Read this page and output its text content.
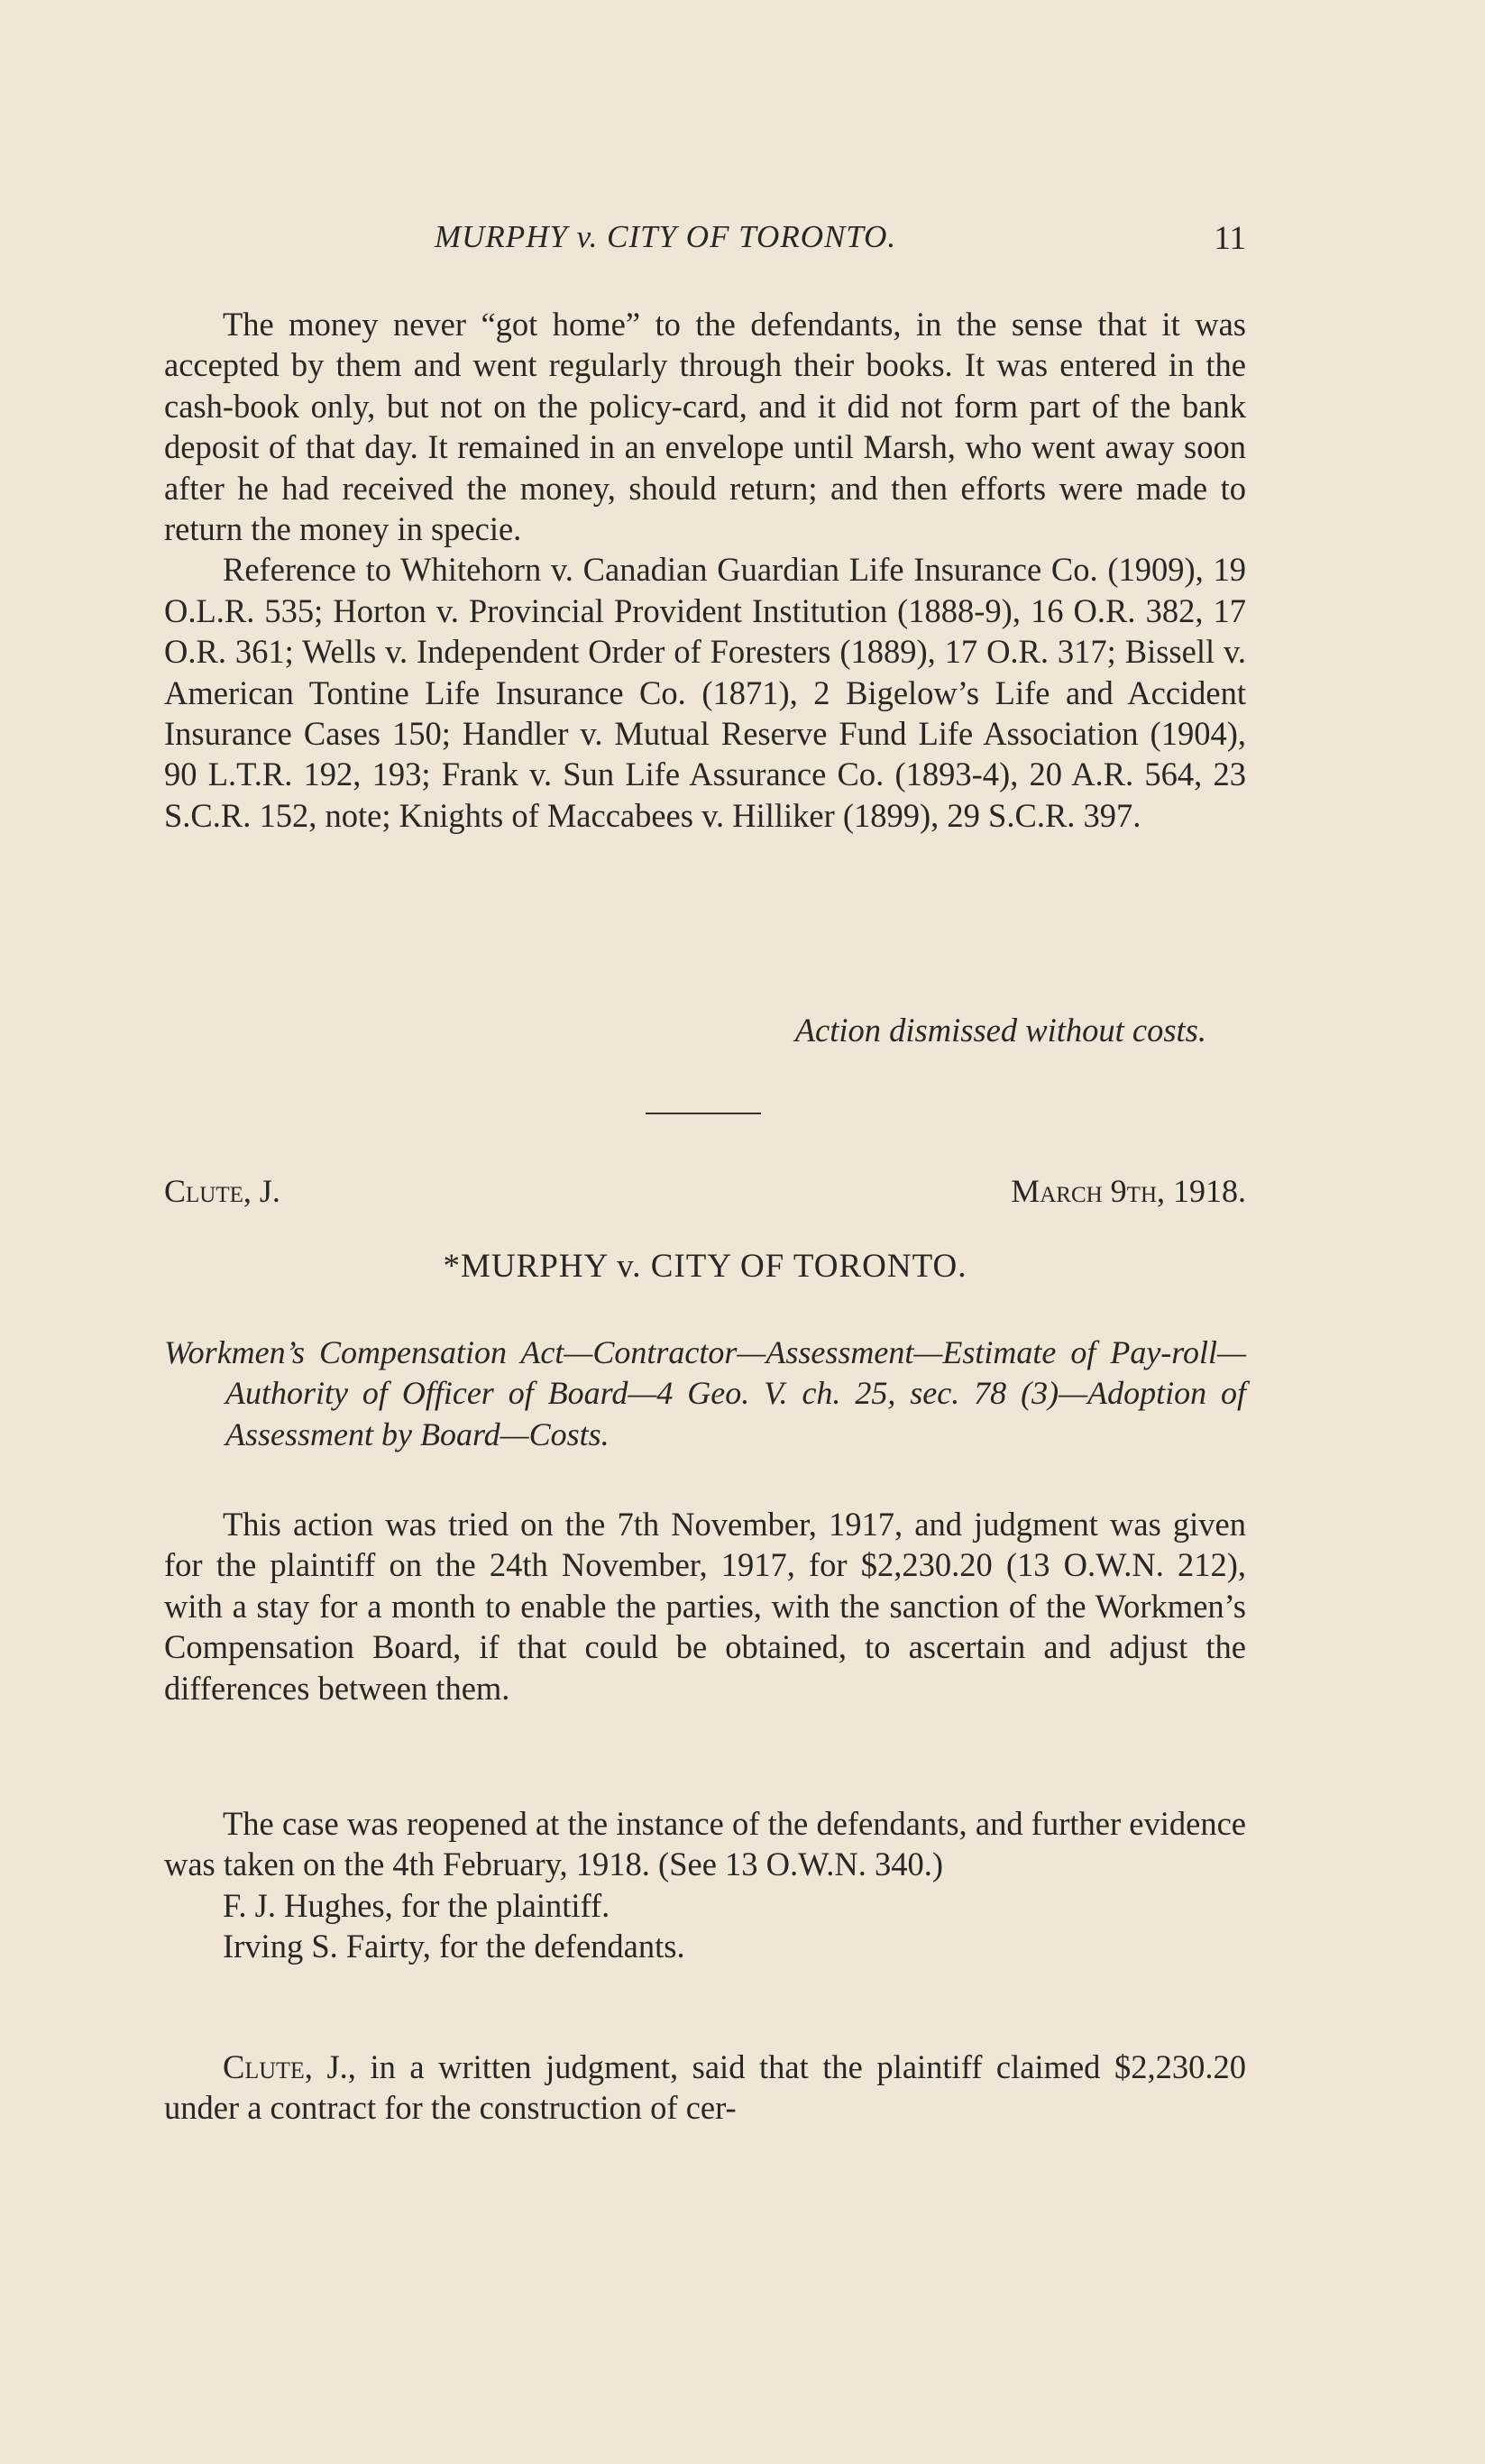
MURPHY v. CITY OF TORONTO.	11

The money never “got home” to the defendants, in the sense that it was accepted by them and went regularly through their books. It was entered in the cash-book only, but not on the policy-card, and it did not form part of the bank deposit of that day. It remained in an envelope until Marsh, who went away soon after he had received the money, should return; and then efforts were made to return the money in specie.

Reference to Whitehorn v. Canadian Guardian Life Insurance Co. (1909), 19 O.L.R. 535; Horton v. Provincial Provident Institution (1888-9), 16 O.R. 382, 17 O.R. 361; Wells v. Independent Order of Foresters (1889), 17 O.R. 317; Bissell v. American Tontine Life Insurance Co. (1871), 2 Bigelow’s Life and Accident Insurance Cases 150; Handler v. Mutual Reserve Fund Life Association (1904), 90 L.T.R. 192, 193; Frank v. Sun Life Assurance Co. (1893-4), 20 A.R. 564, 23 S.C.R. 152, note; Knights of Maccabees v. Hilliker (1899), 29 S.C.R. 397.

Action dismissed without costs.

Clute, J.	March 9th, 1918.
*MURPHY v. CITY OF TORONTO.
Workmen’s Compensation Act—Contractor—Assessment—Estimate of Pay-roll—Authority of Officer of Board—4 Geo. V. ch. 25, sec. 78 (3)—Adoption of Assessment by Board—Costs.

This action was tried on the 7th November, 1917, and judgment was given for the plaintiff on the 24th November, 1917, for $2,230.20 (13 O.W.N. 212), with a stay for a month to enable the parties, with the sanction of the Workmen’s Compensation Board, if that could be obtained, to ascertain and adjust the differences between them.

The case was reopened at the instance of the defendants, and further evidence was taken on the 4th February, 1918. (See 13 O.W.N. 340.)

F. J. Hughes, for the plaintiff.

Irving S. Fairty, for the defendants.

Clute, J., in a written judgment, said that the plaintiff claimed $2,230.20 under a contract for the construction of cer-
